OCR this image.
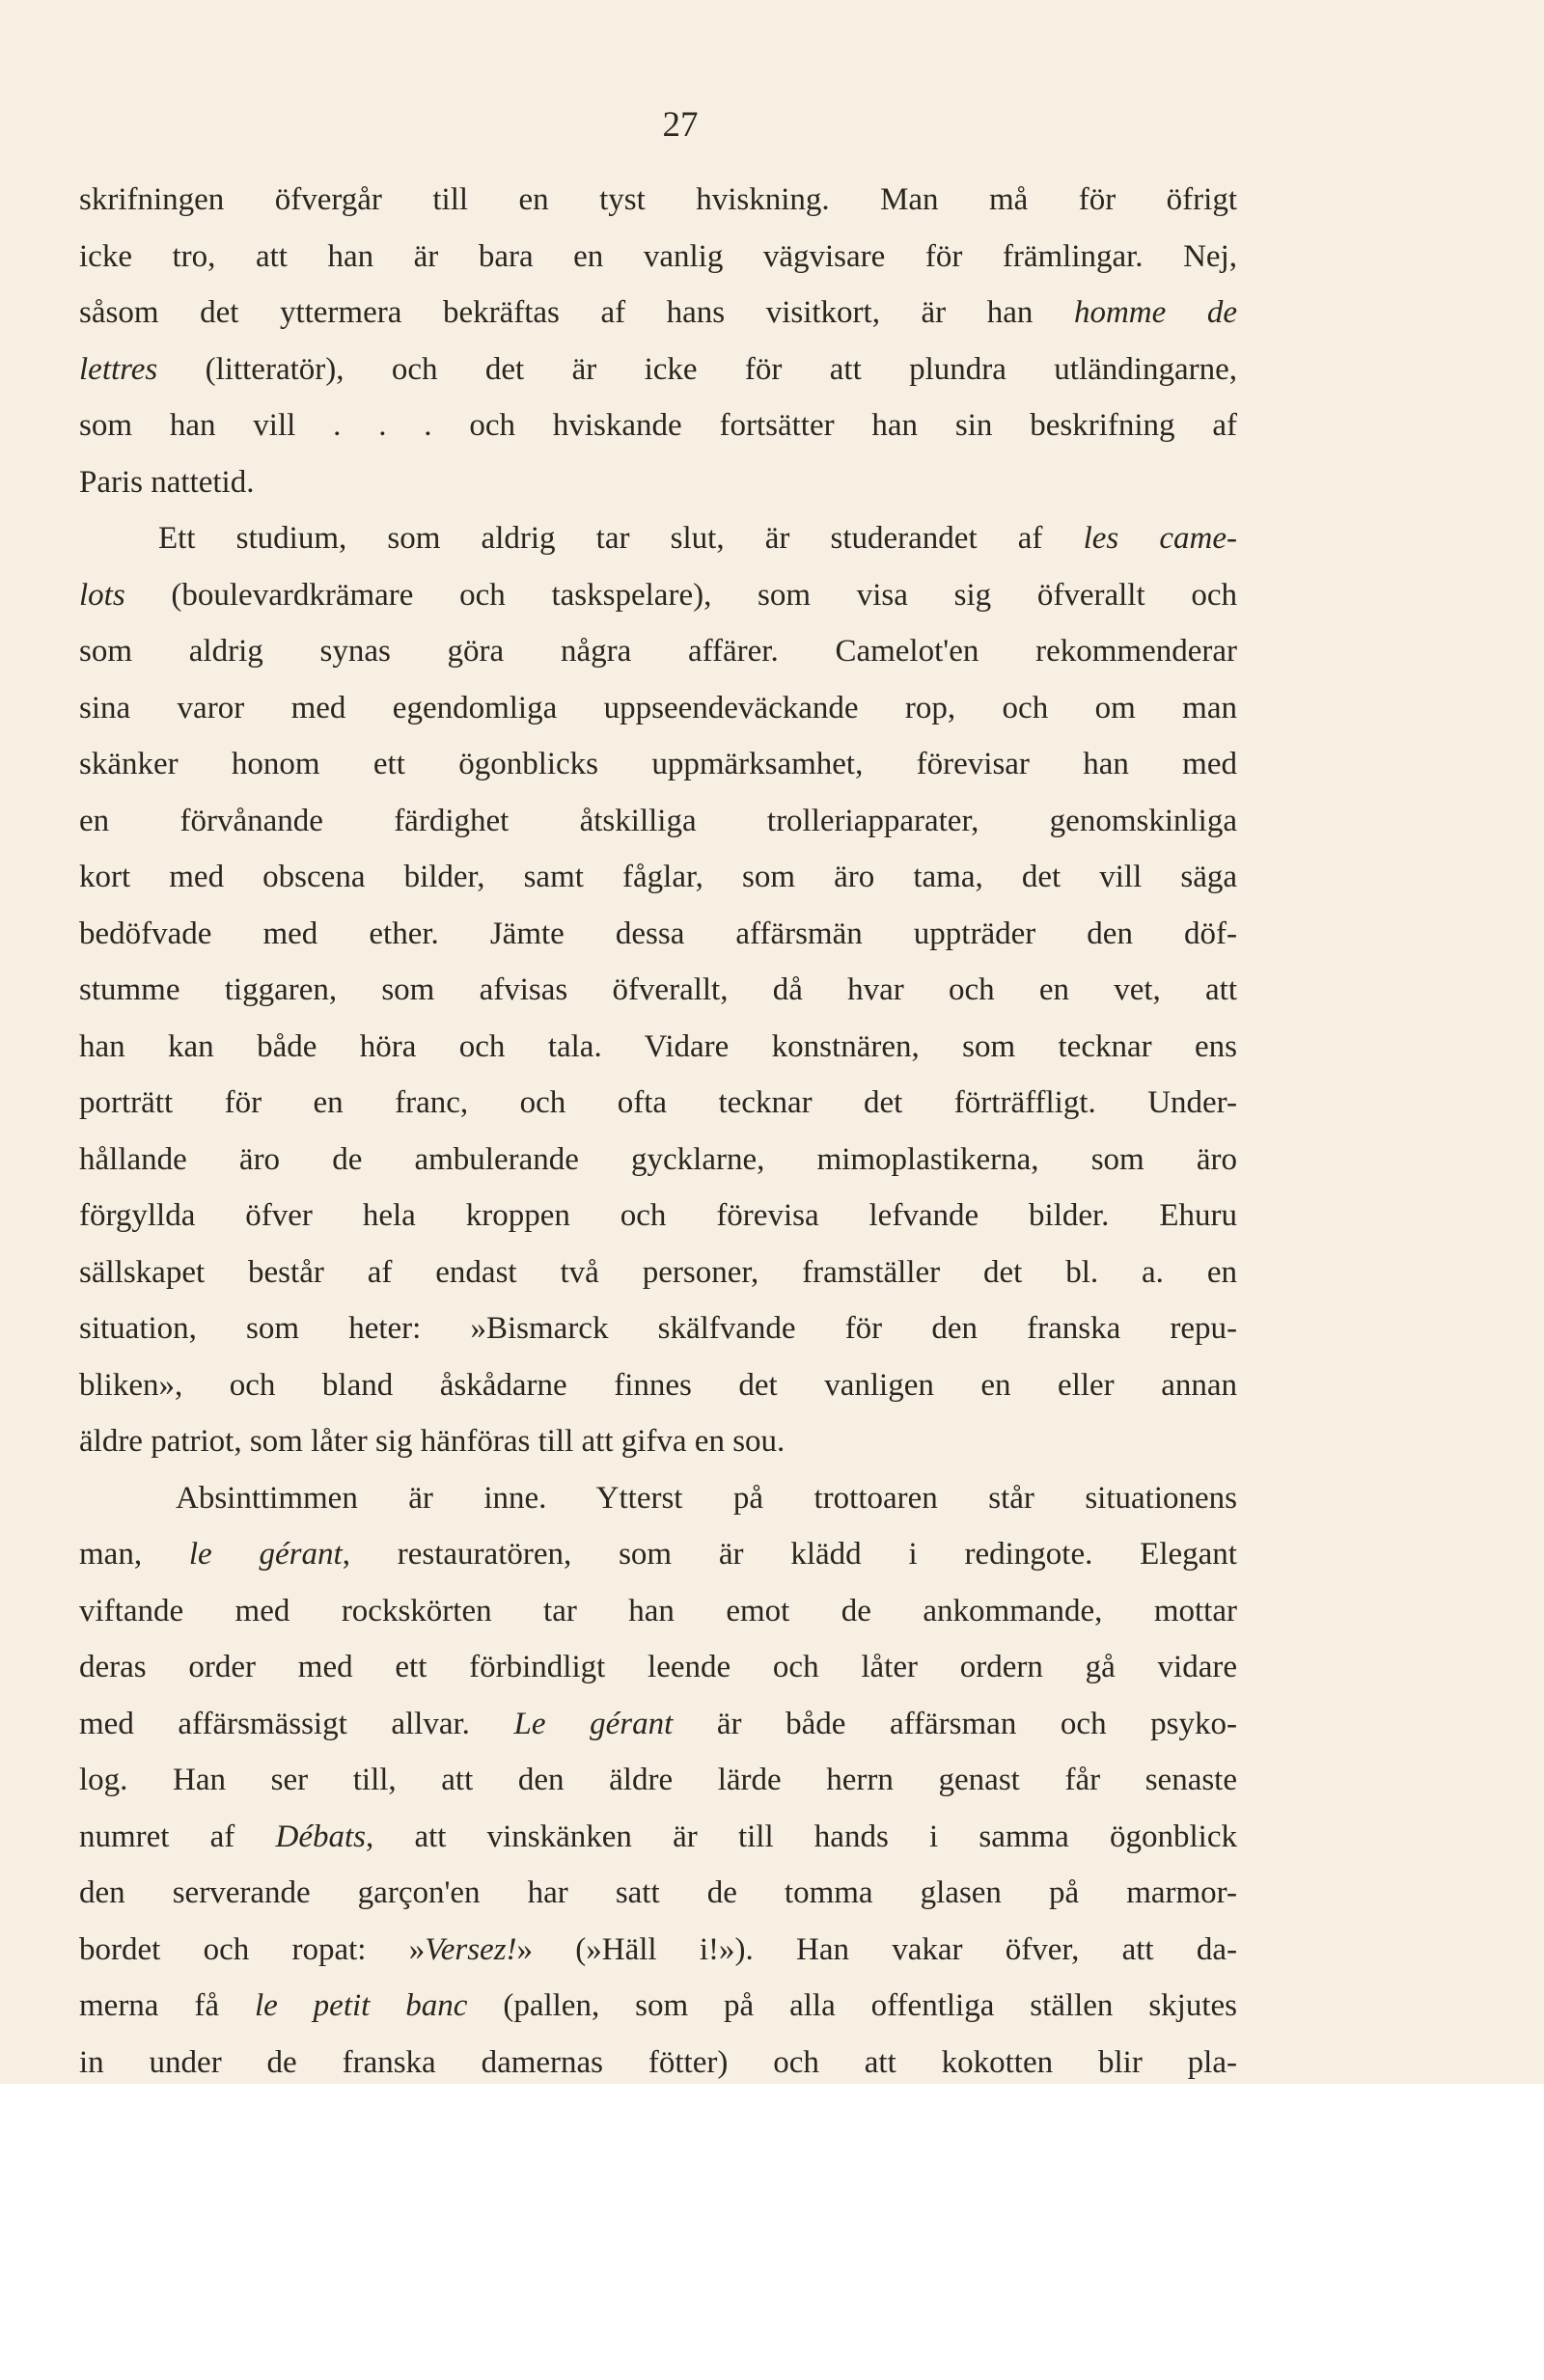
27
skrifningen öfvergår till en tyst hviskning. Man må för öfrigt
icke tro, att han är bara en vanlig vägvisare för främlingar. Nej,
såsom det yttermera bekräftas af hans visitkort, är han homme de
lettres (litteratör), och det är icke för att plundra utländingarne,
som han vill . . . och hviskande fortsätter han sin beskrifning af
Paris nattetid.
Ett studium, som aldrig tar slut, är studerandet af les came-
lots (boulevardkrämare och taskspelare), som visa sig öfverallt och
som aldrig synas göra några affärer. Camelot'en rekommenderar
sina varor med egendomliga uppseendeväckande rop, och om man
skänker honom ett ögonblicks uppmärksamhet, förevisar han med
en förvånande färdighet åtskilliga trolleriapparater, genomskinliga
kort med obscena bilder, samt fåglar, som äro tama, det vill säga
bedöfvade med ether. Jämte dessa affärsmän uppträder den döf-
stumme tiggaren, som afvisas öfverallt, då hvar och en vet, att
han kan både höra och tala. Vidare konstnären, som tecknar ens
porträtt för en franc, och ofta tecknar det förträffligt. Under-
hållande äro de ambulerande gycklarne, mimoplastikerna, som äro
förgyllda öfver hela kroppen och förevisa lefvande bilder. Ehuru
sällskapet består af endast två personer, framställer det bl. a. en
situation, som heter: »Bismarck skälfvande för den franska repu-
bliken», och bland åskådarne finnes det vanligen en eller annan
äldre patriot, som låter sig hänföras till att gifva en sou.
Absinttimmen är inne. Ytterst på trottoaren står situationens
man, le gérant, restauratören, som är klädd i redingote. Elegant
viftande med rockskörten tar han emot de ankommande, mottar
deras order med ett förbindligt leende och låter ordern gå vidare
med affärsmässigt allvar. Le gérant är både affärsman och psyko-
log. Han ser till, att den äldre lärde herrn genast får senaste
numret af Débats, att vinskänken är till hands i samma ögonblick
den serverande garçon'en har satt de tomma glasen på marmor-
bordet och ropat: »Versez!» (»Häll i!»). Han vakar öfver, att da-
merna få le petit banc (pallen, som på alla offentliga ställen skjutes
in under de franska damernas fötter) och att kokotten blir pla-
